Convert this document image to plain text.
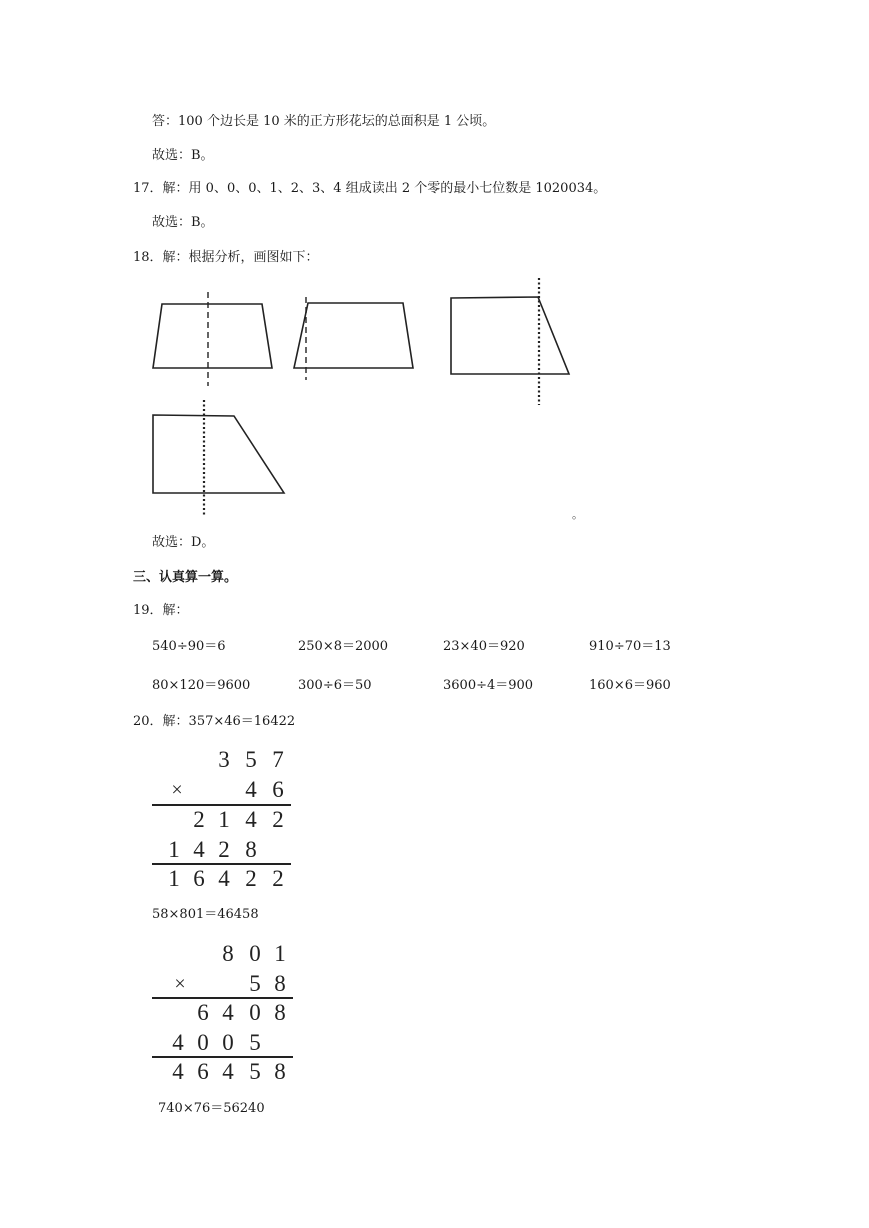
答：100 个边长是 10 米的正方形花坛的总面积是 1 公顷。
故选：B。
17．解：用 0、0、0、1、2、3、4 组成读出 2 个零的最小七位数是 1020034。
故选：B。
18．解：根据分析，画图如下：
。
故选：D。
三、认真算一算。
19．解：
540÷90＝6	250×8＝2000	23×40＝920	910÷70＝13
80×120＝9600	300÷6＝50	3600÷4＝900	160×6＝960
20．解：357×46＝16422
3 5 7
×	4 6
2 1 4 2
1 4 2 8
1 6 4 2 2
58×801＝46458
8 0 1
×	5 8
6 4 0 8
4 0 0 5
4 6 4 5 8
740×76＝56240
